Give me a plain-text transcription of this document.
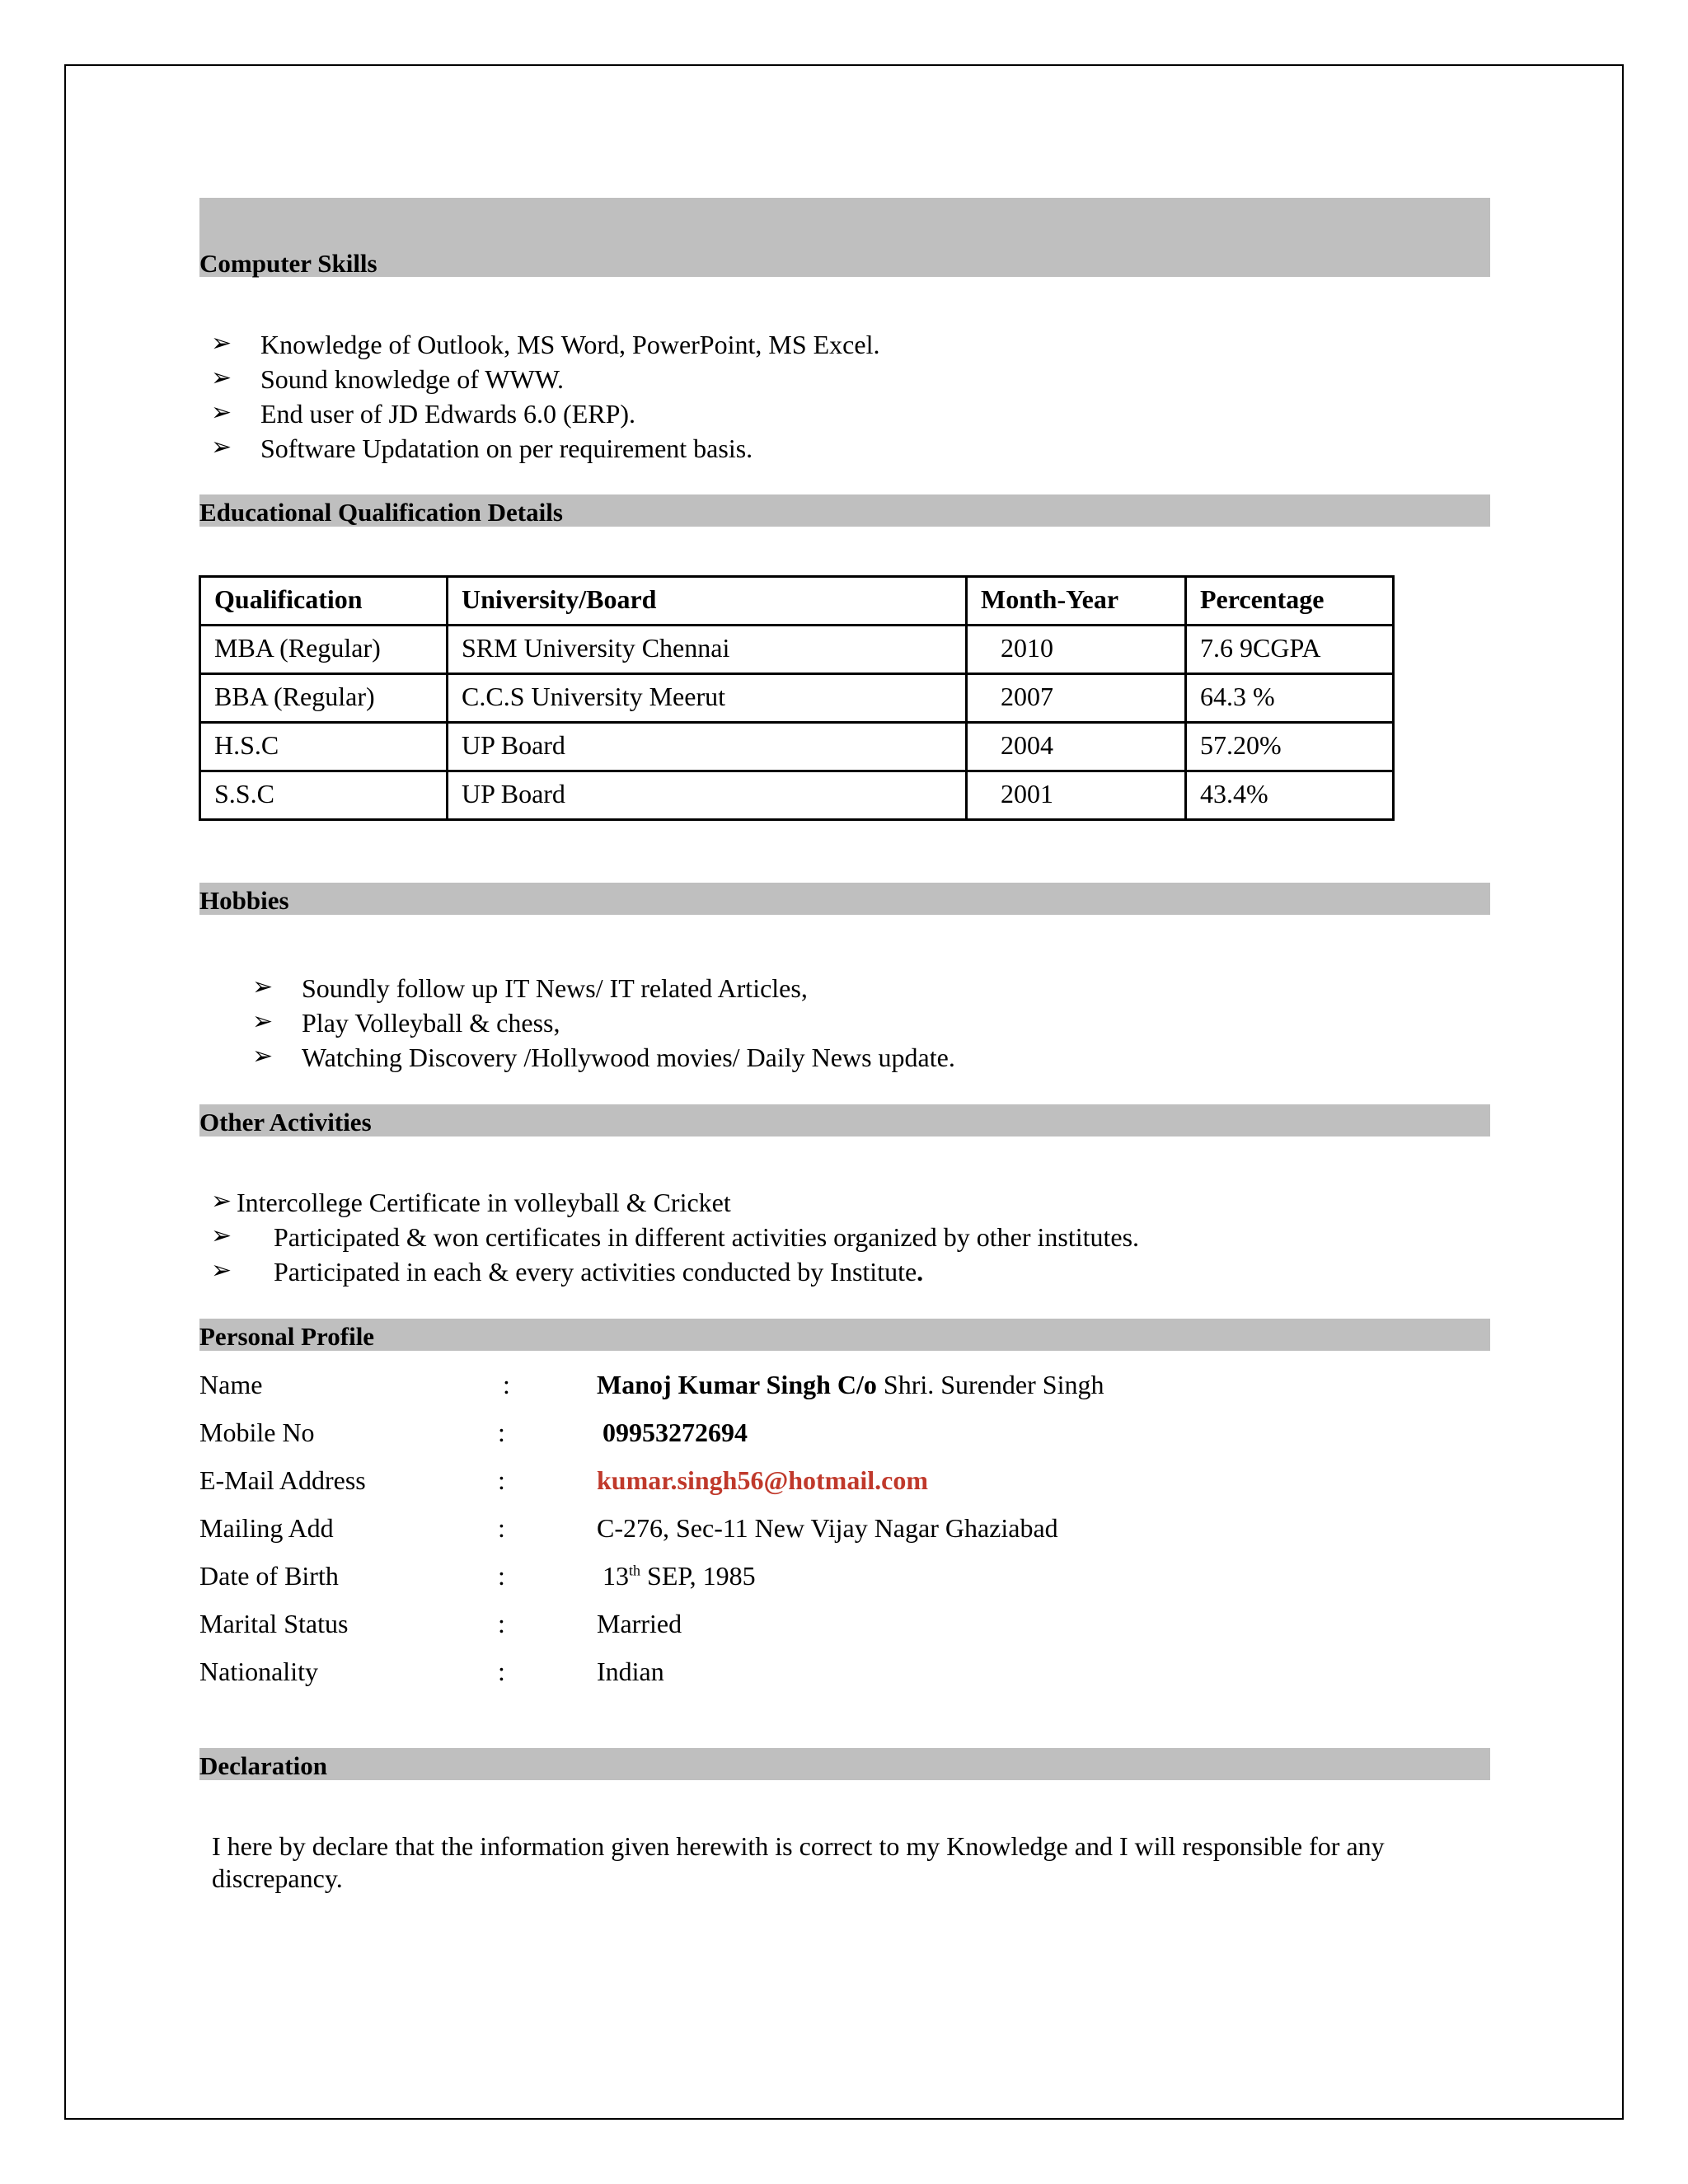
Computer Skills
➢ Knowledge of Outlook, MS Word, PowerPoint, MS Excel.
➢ Sound knowledge of WWW.
➢ End user of JD Edwards 6.0 (ERP).
➢ Software Updatation on per requirement basis.
Educational Qualification Details
Qualification	University/Board	Month-Year	Percentage
MBA (Regular)	SRM University Chennai	2010	7.6 9CGPA
BBA (Regular)	C.C.S University Meerut	2007	64.3 %
H.S.C	UP Board	2004	57.20%
S.S.C	UP Board	2001	43.4%
Hobbies
➢ Soundly follow up IT News/ IT related Articles,
➢ Play Volleyball & chess,
➢ Watching Discovery /Hollywood movies/ Daily News update.
Other Activities
➢ Intercollege Certificate in volleyball & Cricket
➢ Participated & won certificates in different activities organized by other institutes.
➢ Participated in each & every activities conducted by Institute.
Personal Profile
Name	:	Manoj Kumar Singh C/o Shri. Surender Singh
Mobile No	:	09953272694
E-Mail Address	:	kumar.singh56@hotmail.com
Mailing Add	:	C-276, Sec-11 New Vijay Nagar Ghaziabad
Date of Birth	:	13th SEP, 1985
Marital Status	:	Married
Nationality	:	Indian
Declaration
I here by declare that the information given herewith is correct to my Knowledge and I will responsible for any
discrepancy.
